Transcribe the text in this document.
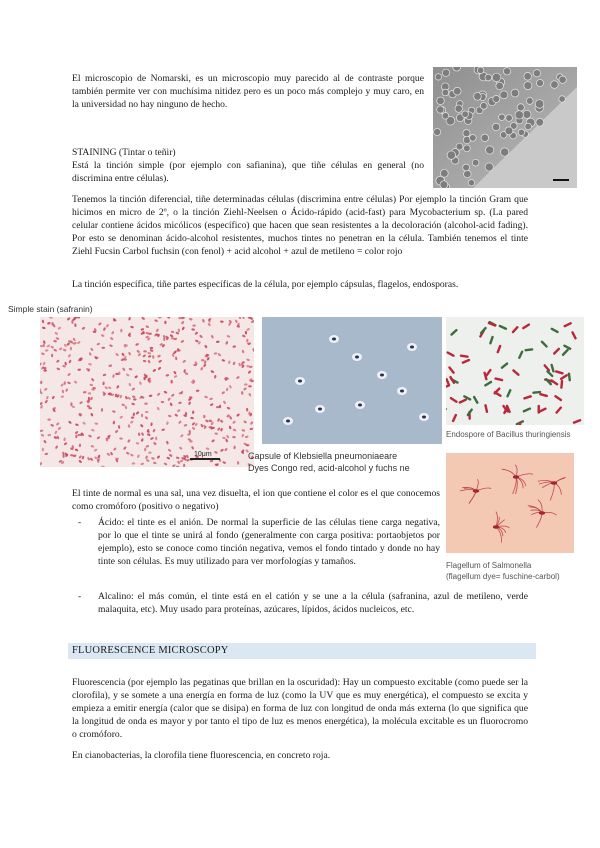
El microscopio de Nomarski, es un microscopio muy parecido al de contraste porque también permite ver con muchísima nitidez pero es un poco más complejo y muy caro, en la universidad no hay ninguno de hecho.

STAINING (Tintar o teñir)

Está la tinción simple (por ejemplo con safianina), que tiñe células en general (no discrimina entre células).

Tenemos la tinción diferencial, tiñe determinadas células (discrimina entre células) Por ejemplo la tinción Gram que hicimos en micro de 2º, o la tinción Ziehl-Neelsen o Ácido-rápido (acid-fast) para Mycobacterium sp. (La pared celular contiene ácidos micólicos (específico) que hacen que sean resistentes a la decoloración (alcohol-acid fading). Por esto se denominan ácido-alcohol resistentes, muchos tintes no penetran en la célula. También tenemos el tinte Ziehl Fucsin Carbol fuchsin (con fenol) + acid alcohol + azul de metileno = color rojo

La tinción específica, tiñe partes específicas de la célula, por ejemplo cápsulas, flagelos, endosporas.

Simple stain (safranin)
10μm	Capsule of Klebsiella pneumoniaeare
Dyes Congo red, acid-alcohol y fuchs ne
Endospore of Bacillus thuringiensis
Flagellum of Salmonella
(flagellum dye= fuschine-carbol)

El tinte de normal es una sal, una vez disuelta, el ion que contiene el color es el que conocemos como cromóforo (positivo o negativo)

- Ácido: el tinte es el anión. De normal la superficie de las células tiene carga negativa, por lo que el tinte se unirá al fondo (generalmente con carga positiva: portaobjetos por ejemplo), esto se conoce como tinción negativa, vemos el fondo tintado y donde no hay tinte son células. Es muy utilizado para ver morfologías y tamaños.
- Alcalino: el más común, el tinte está en el catión y se une a la célula (safranina, azul de metileno, verde malaquita, etc). Muy usado para proteínas, azúcares, lípidos, ácidos nucleicos, etc.
FLUORESCENCE MICROSCOPY

Fluorescencia (por ejemplo las pegatinas que brillan en la oscuridad): Hay un compuesto excitable (como puede ser la clorofila), y se somete a una energía en forma de luz (como la UV que es muy energética), el compuesto se excita y empieza a emitir energía (calor que se disipa) en forma de luz con longitud de onda más externa (lo que significa que la longitud de onda es mayor y por tanto el tipo de luz es menos energética), la molécula excitable es un fluorocromo o cromóforo.

En cianobacterias, la clorofila tiene fluorescencia, en concreto roja.
